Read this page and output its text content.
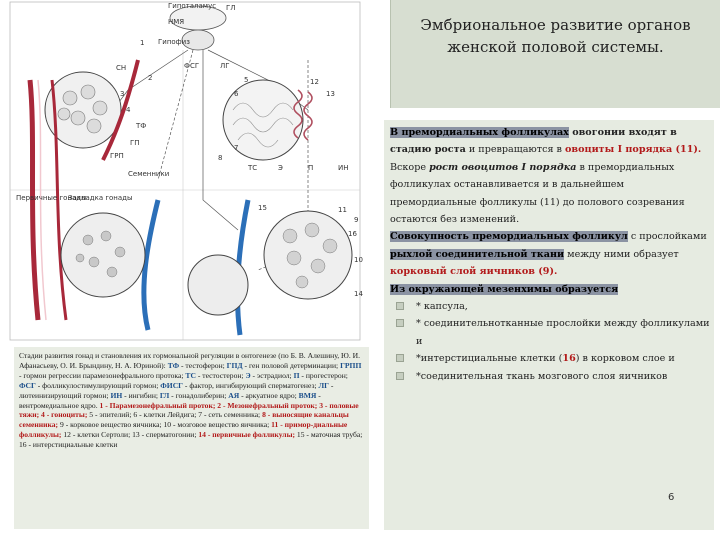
Гипоталамус ГЛ
НМЯ
Гипофиз
ФСГ	ЛГ
СН
ГРП
ГП
ТФ
Семенники
ТС	Э	П	ИН
Первичные гонады
Закладка гонады
1
2
3
4
5
6
7
8
9
10
11
12
13
14
15
16
Эмбриональное развитие органов
женской половой системы.
Стадии развития гонад и становления их гормональной регуляции в онтогенезе (по Б. В. Алешину, Ю. И. Афанасьеву, О. И. Брындину, Н. А. Юриной): ТФ - тестоферон; ГПД - ген половой детерминации; ГРПП - гормон регрессии парамезонефрального протока; ТС - тестостерон; Э - эстрадиол; П - прогестерон; ФСГ - фолликулостимулирующий гормон; ФИСГ - фактор, ингибирующий сперматогенез; ЛГ - лютеинизирующий гормон; ИН - ингибин; ГЛ - гонадолиберин; АЯ - аркуатное ядро; ВМЯ - вентромедиальное ядро. 1 - Парамезонефральный проток; 2 - Мезонефральный проток; 3 - половые тяжи; 4 - гоноциты; 5 - эпителий; 6 - клетки Лейдига; 7 - сеть семенника; 8 - выносящие канальцы семенника; 9 - корковое вещество яичника; 10 - мозговое вещество яичника; 11 - примор-диальные фолликулы; 12 - клетки Сертоли; 13 - сперматогонии; 14 - первичные фолликулы; 15 - маточная труба; 16 - интерстициальные клетки

В премордиальных фолликулах овогонии входят в стадию роста и превращаются в овоциты I порядка (11). Вскоре рост овоцитов I порядка в премордиальных фолликулах останавливается и в дальнейшем премордиальные фолликулы (11) до полового созревания остаются без изменений.

Совокупность премордиальных фолликул с прослойками рыхлой соединительной ткани между ними образует корковый слой яичников (9).

Из окружающей мезенхимы образуется

* капсула,

* соединительнотканные прослойки между фолликулами и

*интерстициальные клетки (16) в корковом слое и

*соединительная ткань мозгового слоя яичников

6
